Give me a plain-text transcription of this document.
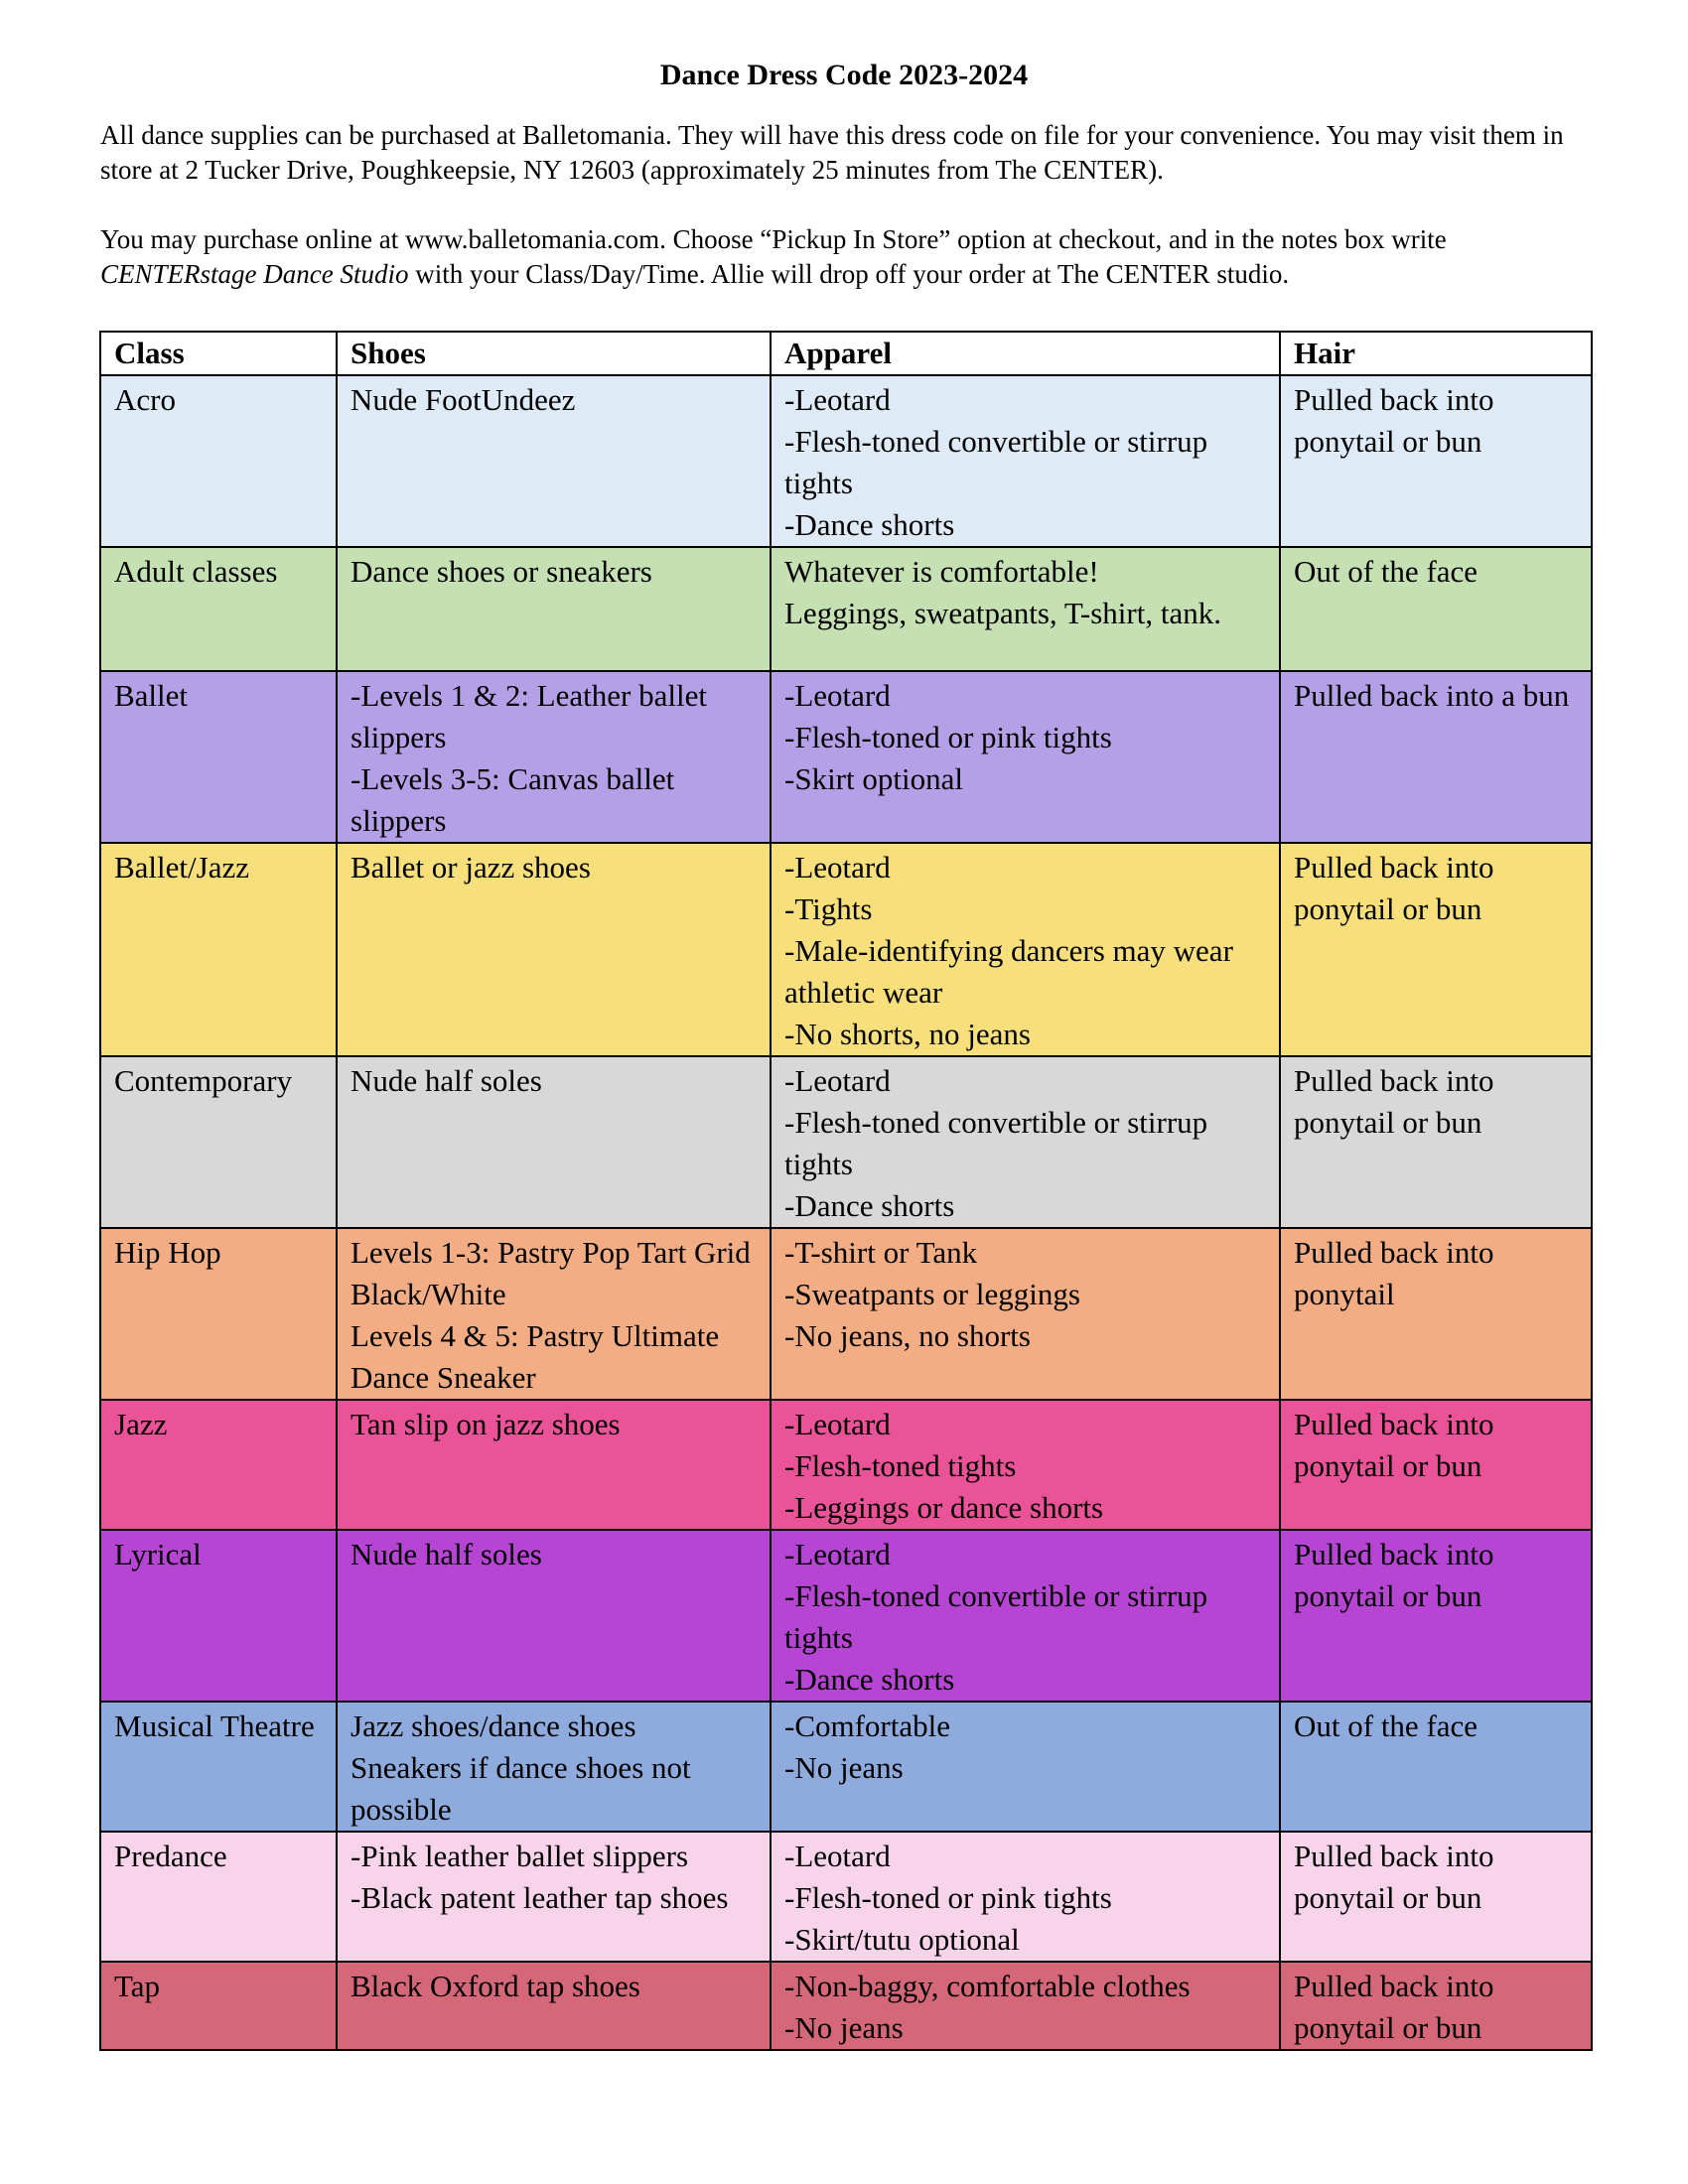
Dance Dress Code 2023-2024

All dance supplies can be purchased at Balletomania. They will have this dress code on file for your convenience. You may visit them in store at 2 Tucker Drive, Poughkeepsie, NY 12603 (approximately 25 minutes from The CENTER).

You may purchase online at www.balletomania.com. Choose “Pickup In Store” option at checkout, and in the notes box write CENTERstage Dance Studio with your Class/Day/Time. Allie will drop off your order at The CENTER studio.

Class	Shoes	Apparel	Hair
Acro	Nude FootUndeez	-Leotard
-Flesh-toned convertible or stirrup tights
-Dance shorts	Pulled back into ponytail or bun

Adult classes	Dance shoes or sneakers	Whatever is comfortable!
Leggings, sweatpants, T-shirt, tank.	Out of the face

Ballet	-Levels 1 & 2: Leather ballet slippers
-Levels 3-5: Canvas ballet slippers	-Leotard
-Flesh-toned or pink tights
-Skirt optional	Pulled back into a bun

Ballet/Jazz	Ballet or jazz shoes	-Leotard
-Tights
-Male-identifying dancers may wear athletic wear
-No shorts, no jeans	Pulled back into ponytail or bun

Contemporary	Nude half soles	-Leotard
-Flesh-toned convertible or stirrup tights
-Dance shorts	Pulled back into ponytail or bun

Hip Hop	Levels 1-3: Pastry Pop Tart Grid Black/White
Levels 4 & 5: Pastry Ultimate Dance Sneaker	-T-shirt or Tank
-Sweatpants or leggings
-No jeans, no shorts	Pulled back into ponytail

Jazz	Tan slip on jazz shoes	-Leotard
-Flesh-toned tights
-Leggings or dance shorts	Pulled back into ponytail or bun

Lyrical	Nude half soles	-Leotard
-Flesh-toned convertible or stirrup tights
-Dance shorts	Pulled back into ponytail or bun

Musical Theatre	Jazz shoes/dance shoes
Sneakers if dance shoes not possible	-Comfortable
-No jeans	Out of the face

Predance	-Pink leather ballet slippers
-Black patent leather tap shoes	-Leotard
-Flesh-toned or pink tights
-Skirt/tutu optional	Pulled back into ponytail or bun

Tap	Black Oxford tap shoes	-Non-baggy, comfortable clothes
-No jeans	Pulled back into ponytail or bun
